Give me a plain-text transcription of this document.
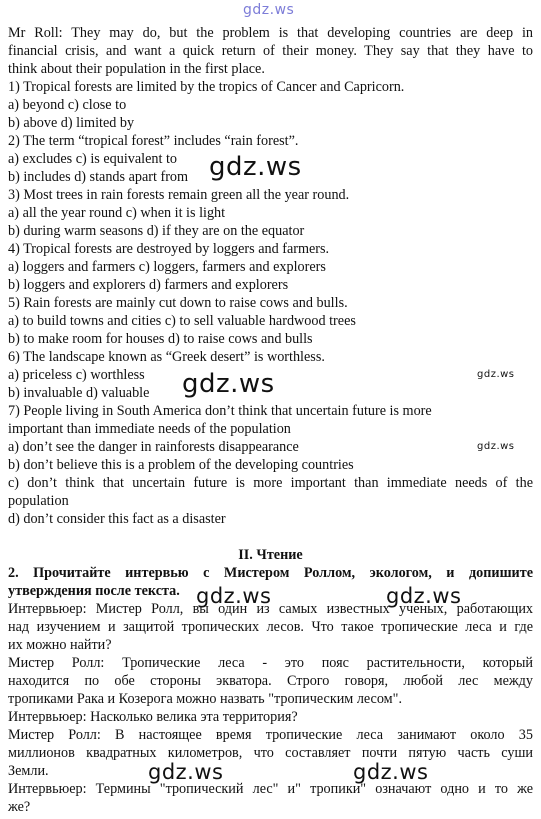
Mr Roll: They may do, but the problem is that developing countries are deep in
financial crisis, and want a quick return of their money. They say that they have to
think about their population in the first place.
1) Tropical forests are limited by the tropics of Cancer and Capricorn.
a) beyond c) close to
b) above d) limited by
2) The term “tropical forest” includes “rain forest”.
a) excludes c) is equivalent to
b) includes d) stands apart from
3) Most trees in rain forests remain green all the year round.
a) all the year round c) when it is light
b) during warm seasons d) if they are on the equator
4) Tropical forests are destroyed by loggers and farmers.
a) loggers and farmers c) loggers, farmers and explorers
b) loggers and explorers d) farmers and explorers
5) Rain forests are mainly cut down to raise cows and bulls.
a) to build towns and cities c) to sell valuable hardwood trees
b) to make room for houses d) to raise cows and bulls
6) The landscape known as “Greek desert” is worthless.
a) priceless c) worthless
b) invaluable d) valuable
7) People living in South America don’t think that uncertain future is more
important than immediate needs of the population
a) don’t see the danger in rainforests disappearance
b) don’t believe this is a problem of the developing countries
c) don’t think that uncertain future is more important than immediate needs of the
population
d) don’t consider this fact as a disaster
II. Чтение
2. Прочитайте интервью с Мистером Роллом, экологом, и допишите
утверждения после текста.
Интервьюер: Мистер Ролл, вы один из самых известных ученых, работающих
над изучением и защитой тропических лесов. Что такое тропические леса и где
их можно найти?
Мистер Ролл: Тропические леса - это пояс растительности, который
находится по обе стороны экватора. Строго говоря, любой лес между
тропиками Рака и Козерога можно назвать "тропическим лесом".
Интервьюер: Насколько велика эта территория?
Мистер Ролл: В настоящее время тропические леса занимают около 35
миллионов квадратных километров, что составляет почти пятую часть суши
Земли.
Интервьюер: Термины "тропический лес" и" тропики" означают одно и то же
же?
gdz.ws
gdz.ws
gdz.ws	gdz.ws
gdz.ws
gdz.ws	gdz.ws
gdz.ws	gdz.ws
